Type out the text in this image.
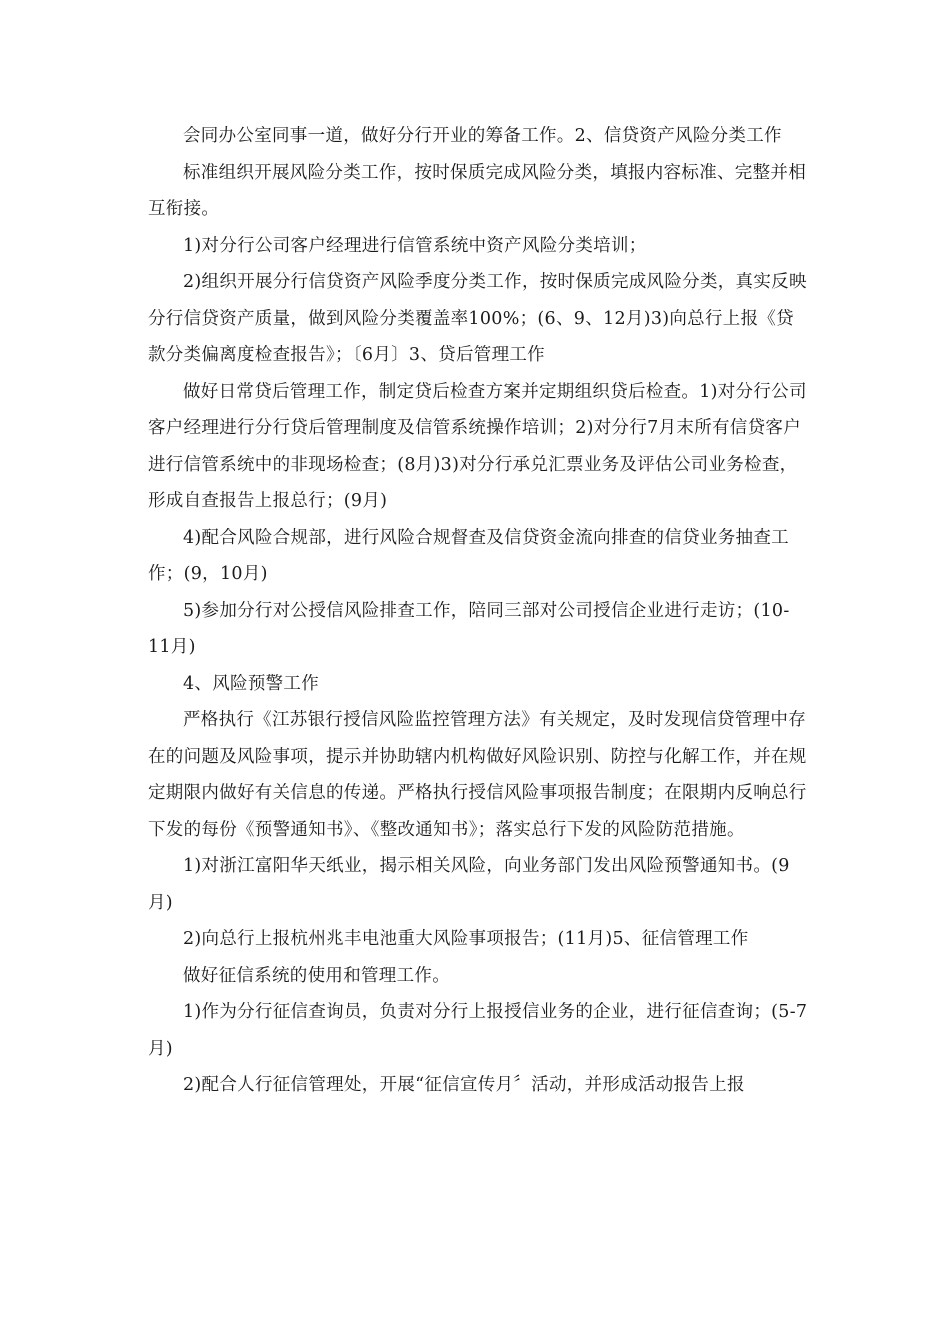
会同办公室同事一道，做好分行开业的筹备工作。2、信贷资产风险分类工作

标准组织开展风险分类工作，按时保质完成风险分类，填报内容标准、完整并相互衔接。

1)对分行公司客户经理进行信管系统中资产风险分类培训；

2)组织开展分行信贷资产风险季度分类工作，按时保质完成风险分类，真实反映分行信贷资产质量，做到风险分类覆盖率100%；(6、9、12月)3)向总行上报《贷款分类偏离度检查报告》；〔6月〕3、贷后管理工作

做好日常贷后管理工作，制定贷后检查方案并定期组织贷后检查。1)对分行公司客户经理进行分行贷后管理制度及信管系统操作培训；2)对分行7月末所有信贷客户进行信管系统中的非现场检查；(8月)3)对分行承兑汇票业务及评估公司业务检查，形成自查报告上报总行；(9月)

4)配合风险合规部，进行风险合规督查及信贷资金流向排查的信贷业务抽查工作；(9，10月)

5)参加分行对公授信风险排查工作，陪同三部对公司授信企业进行走访；(10-11月)

4、风险预警工作

严格执行《江苏银行授信风险监控管理方法》有关规定，及时发现信贷管理中存在的问题及风险事项，提示并协助辖内机构做好风险识别、防控与化解工作，并在规定期限内做好有关信息的传递。严格执行授信风险事项报告制度；在限期内反响总行下发的每份《预警通知书》、《整改通知书》；落实总行下发的风险防范措施。

1)对浙江富阳华天纸业，揭示相关风险，向业务部门发出风险预警通知书。(9月)

2)向总行上报杭州兆丰电池重大风险事项报告；(11月)5、征信管理工作

做好征信系统的使用和管理工作。

1)作为分行征信查询员，负责对分行上报授信业务的企业，进行征信查询；(5-7月)

2)配合人行征信管理处，开展“征信宣传月〞活动，并形成活动报告上报
